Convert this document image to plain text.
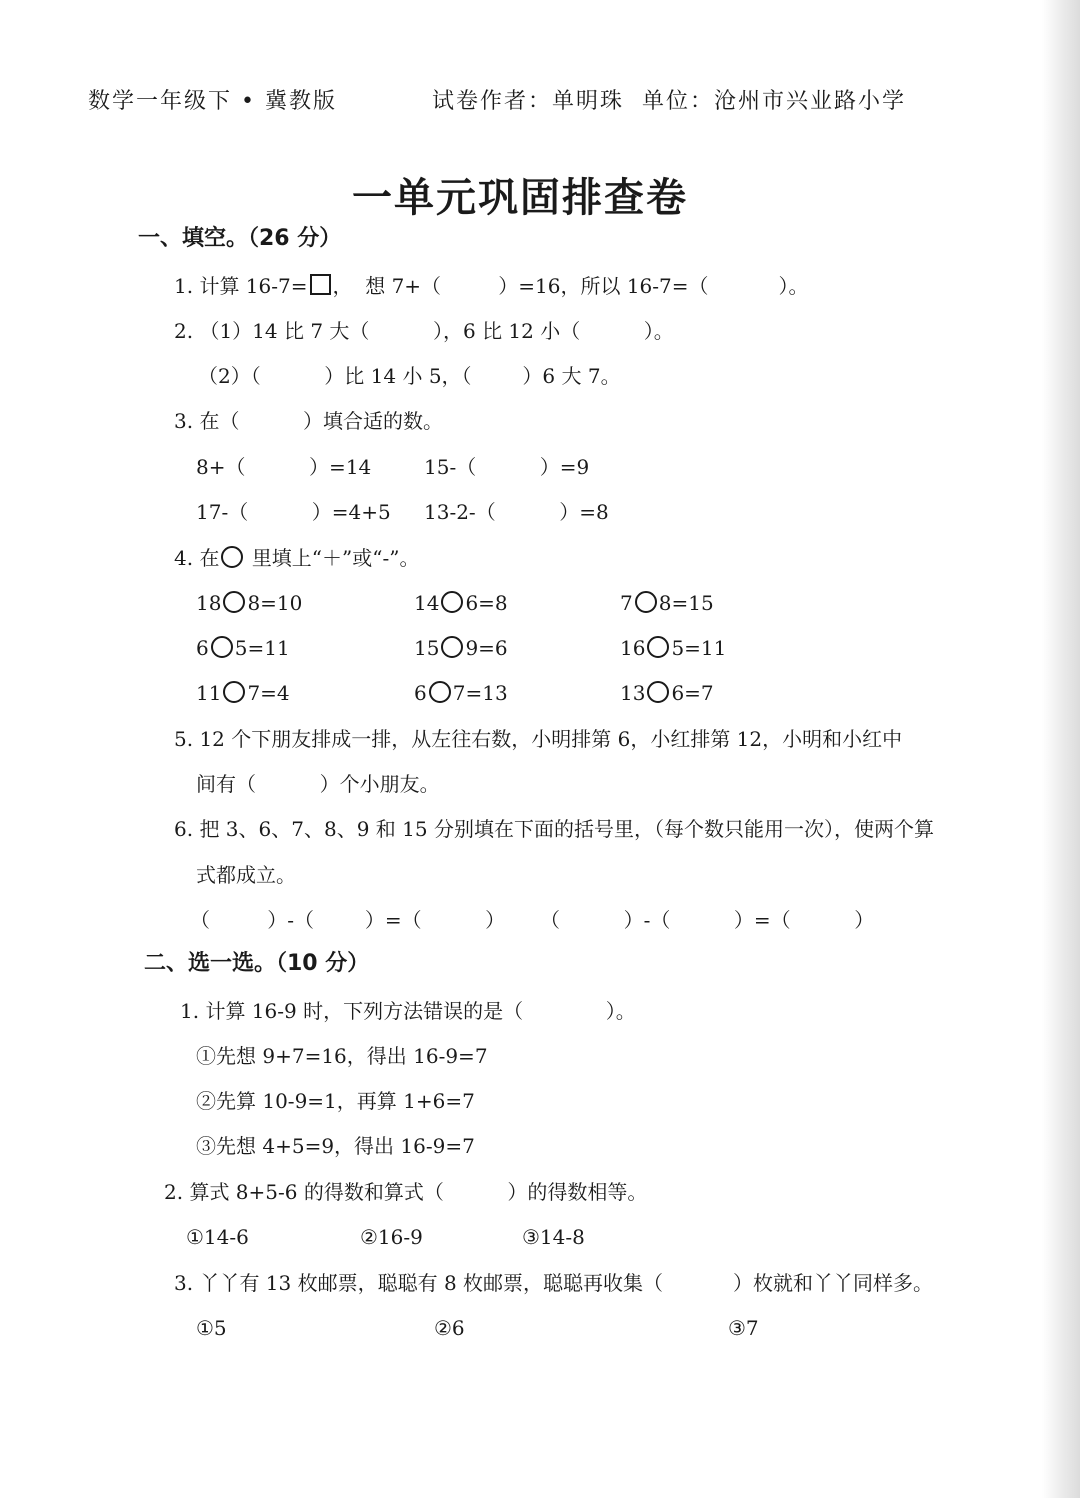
数学一年级下 • 冀教版	试卷作者：单明珠  单位：沧州市兴业路小学
一单元巩固排查卷
一、填空。（26 分）
1. 计算 16-7= ，  想 7+（         ）=16，所以 16-7=（           ）。
2. （1）14 比 7 大（          ），6 比 12 小（          ）。
（2）（          ）比 14 小 5，（        ）6 大 7。
3. 在（          ）填合适的数。
8+（          ）=14	15-（          ）=9
17-（          ）=4+5 13-2-（          ）=8
4. 在 里填上“＋”或“-”。
18 8=10	14 6=8	7 8=15
6 5=11	15 9=6	16 5=11
11 7=4	6 7=13	13 6=7
5. 12 个下朋友排成一排，从左往右数，小明排第 6，小红排第 12，小明和小红中
间有（          ）个小朋友。
6. 把 3、6、7、8、9 和 15 分别填在下面的括号里，（每个数只能用一次），使两个算
式都成立。
（         ）-（        ）=（          ） （          ）-（          ）=（          ）
二、选一选。（10 分）
1. 计算 16-9 时，下列方法错误的是（             ）。
①先想 9+7=16，得出 16-9=7
②先算 10-9=1，再算 1+6=7
③先想 4+5=9，得出 16-9=7
2. 算式 8+5-6 的得数和算式（          ）的得数相等。
①14-6	②16-9	③14-8
3. 丫丫有 13 枚邮票，聪聪有 8 枚邮票，聪聪再收集（           ）枚就和丫丫同样多。
①5	②6	③7
